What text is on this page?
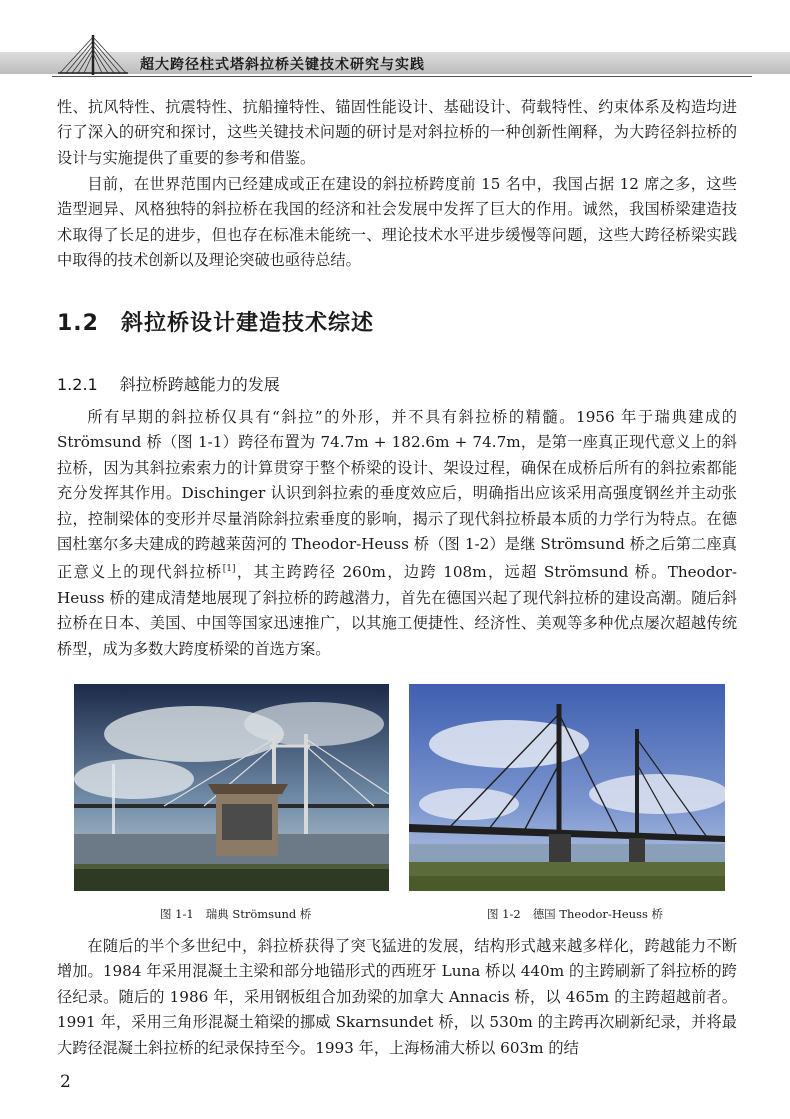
超大跨径柱式塔斜拉桥关键技术研究与实践

性、抗风特性、抗震特性、抗船撞特性、锚固性能设计、基础设计、荷载特性、约束体系及构造均进行了深入的研究和探讨，这些关键技术问题的研讨是对斜拉桥的一种创新性阐释，为大跨径斜拉桥的设计与实施提供了重要的参考和借鉴。

目前，在世界范围内已经建成或正在建设的斜拉桥跨度前 15 名中，我国占据 12 席之多，这些造型迥异、风格独特的斜拉桥在我国的经济和社会发展中发挥了巨大的作用。诚然，我国桥梁建造技术取得了长足的进步，但也存在标准未能统一、理论技术水平进步缓慢等问题，这些大跨径桥梁实践中取得的技术创新以及理论突破也亟待总结。

1.2 斜拉桥设计建造技术综述
1.2.1 斜拉桥跨越能力的发展

所有早期的斜拉桥仅具有“斜拉”的外形，并不具有斜拉桥的精髓。1956 年于瑞典建成的 Strömsund 桥（图 1-1）跨径布置为 74.7m + 182.6m + 74.7m，是第一座真正现代意义上的斜拉桥，因为其斜拉索索力的计算贯穿于整个桥梁的设计、架设过程，确保在成桥后所有的斜拉索都能充分发挥其作用。Dischinger 认识到斜拉索的垂度效应后，明确指出应该采用高强度钢丝并主动张拉，控制梁体的变形并尽量消除斜拉索垂度的影响，揭示了现代斜拉桥最本质的力学行为特点。在德国杜塞尔多夫建成的跨越莱茵河的 Theodor-Heuss 桥（图 1-2）是继 Strömsund 桥之后第二座真正意义上的现代斜拉桥[1]，其主跨跨径 260m，边跨 108m，远超 Strömsund 桥。Theodor-Heuss 桥的建成清楚地展现了斜拉桥的跨越潜力，首先在德国兴起了现代斜拉桥的建设高潮。随后斜拉桥在日本、美国、中国等国家迅速推广，以其施工便捷性、经济性、美观等多种优点屡次超越传统桥型，成为多数大跨度桥梁的首选方案。

图 1-1 瑞典 Strömsund 桥	图 1-2 德国 Theodor-Heuss 桥

在随后的半个多世纪中，斜拉桥获得了突飞猛进的发展，结构形式越来越多样化，跨越能力不断增加。1984 年采用混凝土主梁和部分地锚形式的西班牙 Luna 桥以 440m 的主跨刷新了斜拉桥的跨径纪录。随后的 1986 年，采用钢板组合加劲梁的加拿大 Annacis 桥，以 465m 的主跨超越前者。1991 年，采用三角形混凝土箱梁的挪威 Skarnsundet 桥，以 530m 的主跨再次刷新纪录，并将最大跨径混凝土斜拉桥的纪录保持至今。1993 年，上海杨浦大桥以 603m 的结

2
